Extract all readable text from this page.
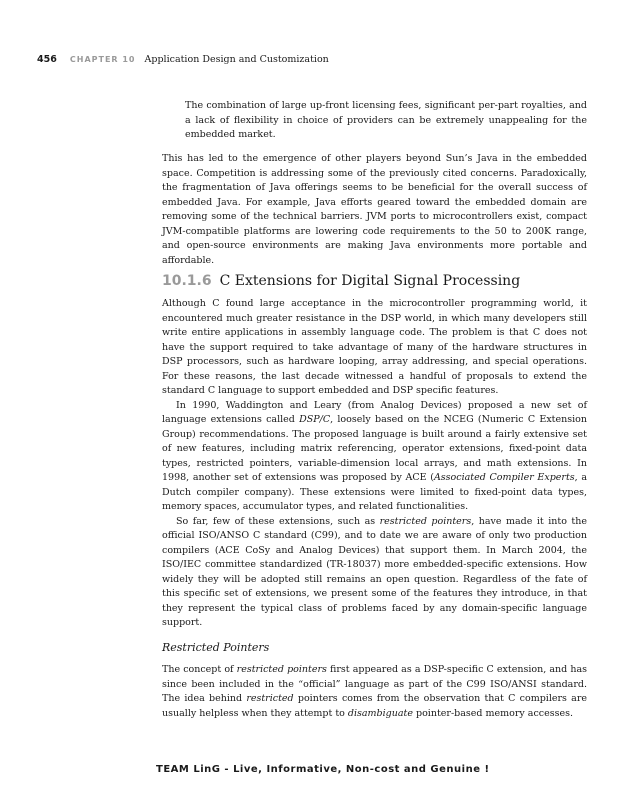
456 CHAPTER 10 Application Design and Customization

The combination of large up-front licensing fees, significant per-part royalties, and a lack of flexibility in choice of providers can be extremely unappealing for the embedded market.

This has led to the emergence of other players beyond Sun’s Java in the embedded space. Competition is addressing some of the previously cited concerns. Paradoxically, the fragmentation of Java offerings seems to be beneficial for the overall success of embedded Java. For example, Java efforts geared toward the embedded domain are removing some of the technical barriers. JVM ports to microcontrollers exist, compact JVM-compatible platforms are lowering code requirements to the 50 to 200K range, and open-source environments are making Java environments more portable and affordable.

10.1.6 C Extensions for Digital Signal Processing

Although C found large acceptance in the microcontroller programming world, it encountered much greater resistance in the DSP world, in which many developers still write entire applications in assembly language code. The problem is that C does not have the support required to take advantage of many of the hardware structures in DSP processors, such as hardware looping, array addressing, and special operations. For these reasons, the last decade witnessed a handful of proposals to extend the standard C language to support embedded and DSP specific features.

In 1990, Waddington and Leary (from Analog Devices) proposed a new set of language extensions called DSP/C, loosely based on the NCEG (Numeric C Extension Group) recommendations. The proposed language is built around a fairly extensive set of new features, including matrix referencing, operator extensions, fixed-point data types, restricted pointers, variable-dimension local arrays, and math extensions. In 1998, another set of extensions was proposed by ACE (Associated Compiler Experts, a Dutch compiler company). These extensions were limited to fixed-point data types, memory spaces, accumulator types, and related functionalities.

So far, few of these extensions, such as restricted pointers, have made it into the official ISO/ANSO C standard (C99), and to date we are aware of only two production compilers (ACE CoSy and Analog Devices) that support them. In March 2004, the ISO/IEC committee standardized (TR-18037) more embedded-specific extensions. How widely they will be adopted still remains an open question. Regardless of the fate of this specific set of extensions, we present some of the features they introduce, in that they represent the typical class of problems faced by any domain-specific language support.

Restricted Pointers

The concept of restricted pointers first appeared as a DSP-specific C extension, and has since been included in the “official” language as part of the C99 ISO/ANSI standard. The idea behind restricted pointers comes from the observation that C compilers are usually helpless when they attempt to disambiguate pointer-based memory accesses.

TEAM LinG - Live, Informative, Non-cost and Genuine !
